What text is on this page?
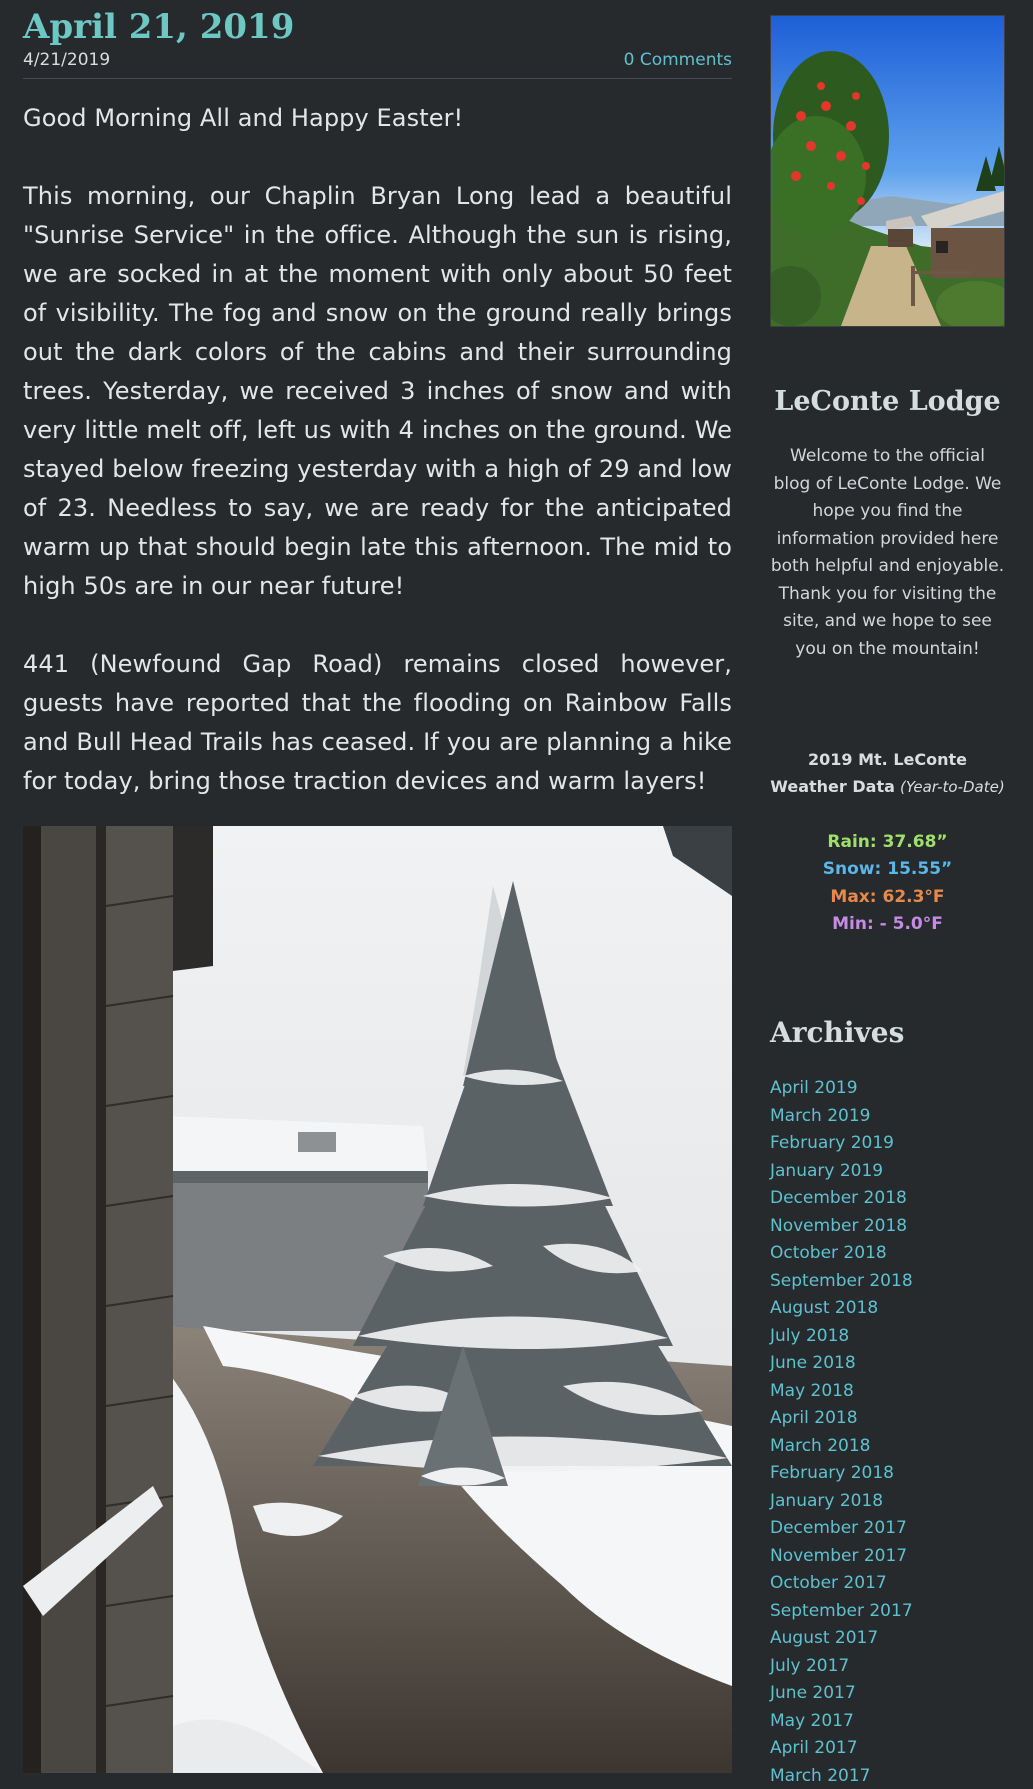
April 21, 2019
4/21/2019	0 Comments

Good Morning All and Happy Easter!

This morning, our Chaplin Bryan Long lead a beautiful "Sunrise Service" in the office. Although the sun is rising, we are socked in at the moment with only about 50 feet of visibility. The fog and snow on the ground really brings out the dark colors of the cabins and their surrounding trees. Yesterday, we received 3 inches of snow and with very little melt off, left us with 4 inches on the ground. We stayed below freezing yesterday with a high of 29 and low of 23. Needless to say, we are ready for the anticipated warm up that should begin late this afternoon. The mid to high 50s are in our near future!

441 (Newfound Gap Road) remains closed however, guests have reported that the flooding on Rainbow Falls and Bull Head Trails has ceased. If you are planning a hike for today, bring those traction devices and warm layers!

LeConte Lodge
Welcome to the official blog of LeConte Lodge. We hope you find the information provided here both helpful and enjoyable. Thank you for visiting the site, and we hope to see you on the mountain!
2019 Mt. LeConte Weather Data (Year-to-Date)
Rain: 37.68”
Snow: 15.55”
Max: 62.3°F
Min: - 5.0°F
Archives
April 2019
March 2019
February 2019
January 2019
December 2018
November 2018
October 2018
September 2018
August 2018
July 2018
June 2018
May 2018
April 2018
March 2018
February 2018
January 2018
December 2017
November 2017
October 2017
September 2017
August 2017
July 2017
June 2017
May 2017
April 2017
March 2017
